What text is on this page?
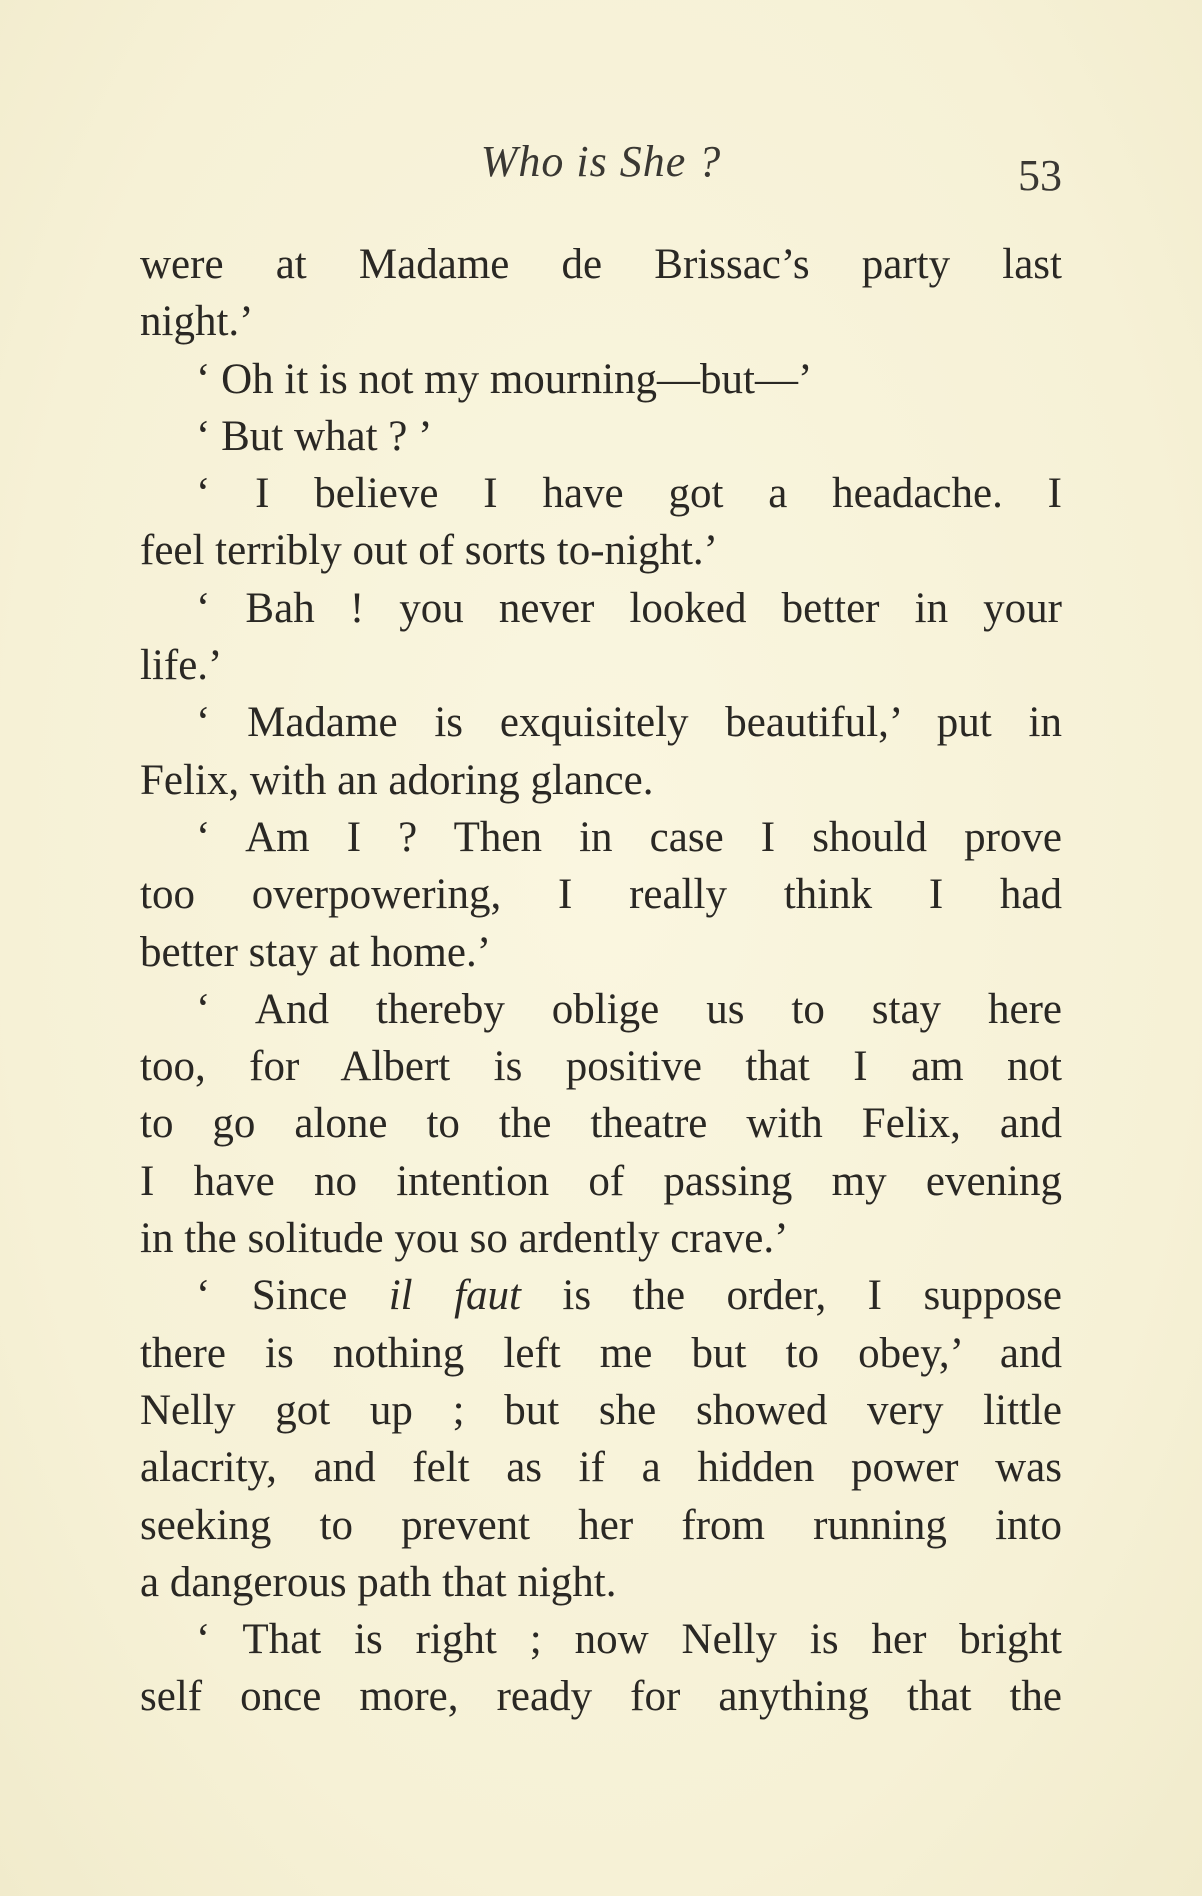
Who is She ?	53
were at Madame de Brissac’s party last
night.’
‘ Oh it is not my mourning—but—’
‘ But what ? ’
‘ I believe I have got a headache. I
feel terribly out of sorts to-night.’
‘ Bah ! you never looked better in your
life.’
‘ Madame is exquisitely beautiful,’ put in
Felix, with an adoring glance.
‘ Am I ? Then in case I should prove
too overpowering, I really think I had
better stay at home.’
‘ And thereby oblige us to stay here
too, for Albert is positive that I am not
to go alone to the theatre with Felix, and
I have no intention of passing my evening
in the solitude you so ardently crave.’
‘ Since il faut is the order, I suppose
there is nothing left me but to obey,’ and
Nelly got up ; but she showed very little
alacrity, and felt as if a hidden power was
seeking to prevent her from running into
a dangerous path that night.
‘ That is right ; now Nelly is her bright
self once more, ready for anything that the
